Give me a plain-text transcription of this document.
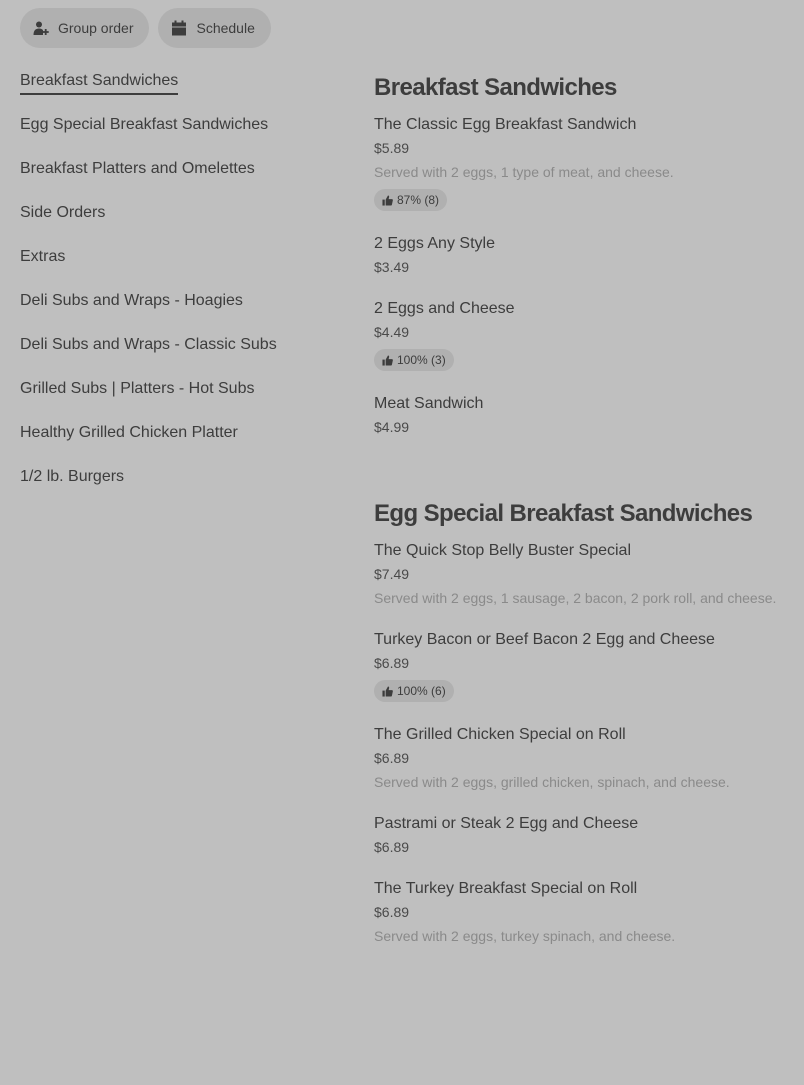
Group order	Schedule
Breakfast Sandwiches
Egg Special Breakfast Sandwiches
Breakfast Platters and Omelettes
Side Orders
Extras
Deli Subs and Wraps - Hoagies
Deli Subs and Wraps - Classic Subs
Grilled Subs | Platters - Hot Subs
Healthy Grilled Chicken Platter
1/2 lb. Burgers
Breakfast Sandwiches
The Classic Egg Breakfast Sandwich
$5.89
Served with 2 eggs, 1 type of meat, and cheese.
87% (8)
2 Eggs Any Style
$3.49
2 Eggs and Cheese
$4.49
100% (3)
Meat Sandwich
$4.99
Egg Special Breakfast Sandwiches
The Quick Stop Belly Buster Special
$7.49
Served with 2 eggs, 1 sausage, 2 bacon, 2 pork roll, and cheese.
Turkey Bacon or Beef Bacon 2 Egg and Cheese
$6.89
100% (6)
The Grilled Chicken Special on Roll
$6.89
Served with 2 eggs, grilled chicken, spinach, and cheese.
Pastrami or Steak 2 Egg and Cheese
$6.89
The Turkey Breakfast Special on Roll
$6.89
Served with 2 eggs, turkey spinach, and cheese.
